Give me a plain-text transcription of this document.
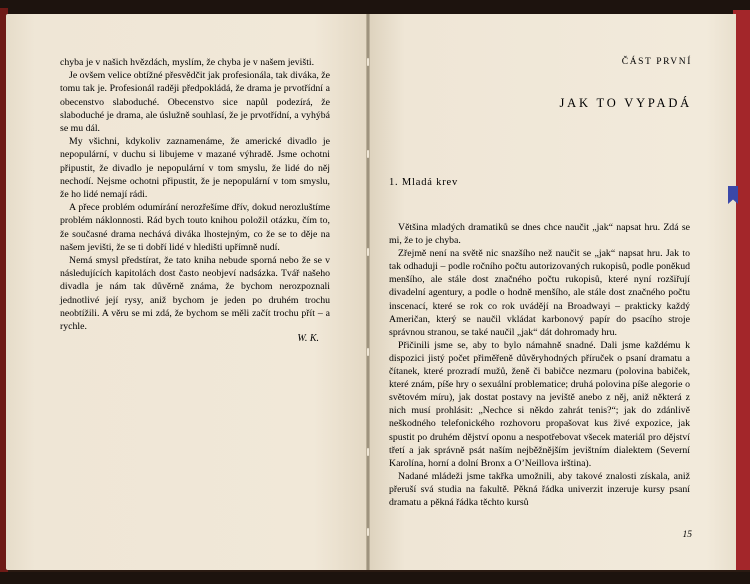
chyba je v našich hvězdách, myslím, že chyba je v našem jevišti.

Je ovšem velice obtížné přesvědčit jak profesionála, tak diváka, že tomu tak je. Profesionál raději předpokládá, že drama je prvotřídní a obecenstvo slaboduché. Obecenstvo sice napůl podezírá, že slaboduché je drama, ale úslužně souhlasí, že je prvotřídní, a vyhýbá se mu dál.

My všichni, kdykoliv zaznamenáme, že americké divadlo je nepopulární, v duchu si libujeme v mazané výhradě. Jsme ochotni připustit, že divadlo je nepopulární v tom smyslu, že lidé do něj nechodí. Nejsme ochotni připustit, že je nepopulární v tom smyslu, že ho lidé nemají rádi.

A přece problém odumírání nerozřešíme dřív, dokud nerozluštíme problém náklonnosti. Rád bych touto knihou položil otázku, čím to, že současné drama nechává diváka lhostejným, co že se to děje na našem jevišti, že se ti dobří lidé v hledišti upřímně nudí.

Nemá smysl předstírat, že tato kniha nebude sporná nebo že se v následujících kapitolách dost často neobjeví nadsázka. Tvář našeho divadla je nám tak důvěrně známa, že bychom nerozpoznali jednotlivé její rysy, aniž bychom je jeden po druhém trochu neobtížili. A věru se mi zdá, že bychom se měli začít trochu přít – a rychle.

W. K.
ČÁST PRVNÍ
JAK TO VYPADÁ
1. Mladá krev

Většina mladých dramatiků se dnes chce naučit „jak“ napsat hru. Zdá se mi, že to je chyba.

Zřejmě není na světě nic snazšího než naučit se „jak“ napsat hru. Jak to tak odhaduji – podle ročního počtu autorizovaných rukopisů, podle poněkud menšího, ale stále dost značného počtu rukopisů, které nyní rozšiřují divadelní agentury, a podle o hodně menšího, ale stále dost značného počtu inscenací, které se rok co rok uvádějí na Broadwayi – prakticky každý Američan, který se naučil vkládat karbonový papír do psacího stroje správnou stranou, se také naučil „jak“ dát dohromady hru.

Přičinili jsme se, aby to bylo námahně snadné. Dali jsme každému k dispozici jistý počet přiměřeně důvěryhodných příruček o psaní dramatu a čítanek, které prozradí mužů, ženě či babičce nezmaru (polovina babiček, které znám, píše hry o sexuální problematice; druhá polovina píše alegorie o světovém míru), jak dostat postavy na jeviště anebo z něj, aniž některá z nich musí prohlásit: „Nechce si někdo zahrát tenis?“; jak do zdánlivě neškodného telefonického rozhovoru propašovat kus živé expozice, jak spustit po druhém dějství oponu a nespotřebovat všecek materiál pro dějství třetí a jak správně psát naším nejběžnějším jevištním dialektem (Severní Karolína, horní a dolní Bronx a O’Neillova irština).

Nadané mládeži jsme takřka umožnili, aby takové znalosti získala, aniž přeruší svá studia na fakultě. Pěkná řádka univerzit inzeruje kursy psaní dramatu a pěkná řádka těchto kursů

15
